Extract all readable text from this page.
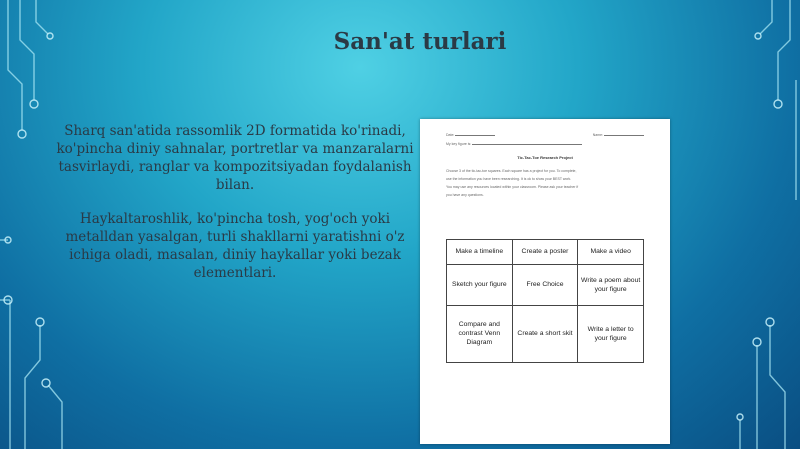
San'at turlari

Sharq san'atida rassomlik 2D formatida ko'rinadi, ko'pincha diniy sahnalar, portretlar va manzaralarni tasvirlaydi, ranglar va kompozitsiyadan foydalanish bilan.

Haykaltaroshlik, ko'pincha tosh, yog'och yoki metalldan yasalgan, turli shakllarni yaratishni o'z ichiga oladi, masalan, diniy haykallar yoki bezak elementlari.

Date:	Name:
My key figure is:
Tic-Tac-Toe Research Project
Choose 3 of the tic-tac-toe squares. Each square has a project for you. To complete,
use the information you have been researching. It is ok to show your BEST work.
You may use any resources located within your classroom. Please ask your teacher if
you have any questions.
Make a timeline	Create a poster	Make a video
Sketch your figure	Free Choice	Write a poem about your figure
Compare and contrast Venn Diagram	Create a short skit	Write a letter to your figure
